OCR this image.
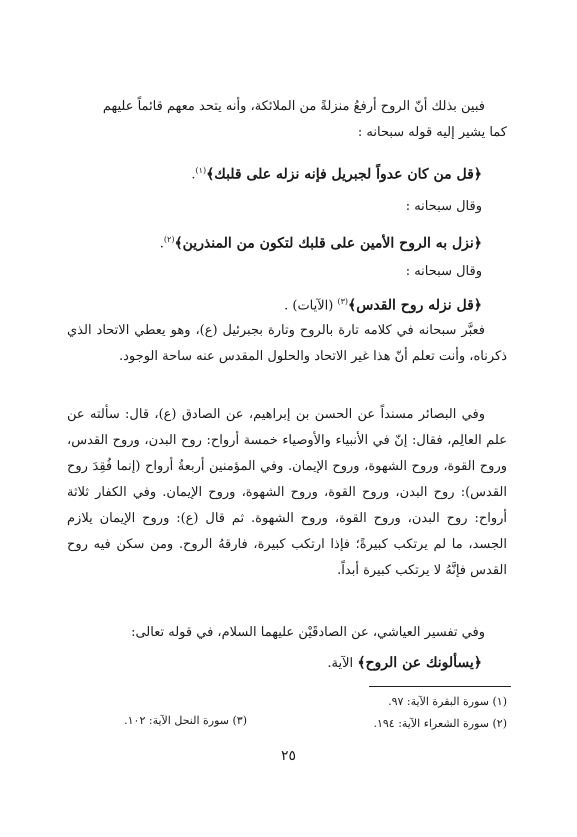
فبين بذلك أنّ الروح أرفعُ منزلةً من الملائكة، وأنه يتحد معهم قائماً عليهم
كما يشير إليه قوله سبحانه :
﴿قل من كان عدواً لجبريل فإنه نزله على قلبك﴾$^{(١)}$.
وقال سبحانه :
﴿نزل به الروح الأمين على قلبك لتكون من المنذرين﴾$^{(٢)}$.
وقال سبحانه :
﴿قل نزله روح القدس﴾$^{(٣)}$ (الآيات) .
فعبَّر سبحانه في كلامه تارة بالروح وتارة بجبرئيل (ع)، وهو يعطي الاتحاد الذي ذكرناه، وأنت تعلم أنّ هذا غير الاتحاد والحلول المقدس عنه ساحة الوجود.
وفي البصائر مسنداً عن الحسن بن إبراهيم، عن الصادق (ع)، قال: سألته عن علم العالِم، فقال: إنّ في الأنبياء والأوصياء خمسة أرواح: روح البدن، وروح القدس، وروح القوة، وروح الشهوة، وروح الإيمان. وفي المؤمنين أربعةُ أرواح (إنما فُقِدَ روح القدس): روح البدن، وروح القوة، وروح الشهوة، وروح الإيمان. وفي الكفار ثلاثة أرواح: روح البدن، وروح القوة، وروح الشهوة. ثم قال (ع): وروح الإيمان يلازم الجسد، ما لم يرتكب كبيرةً؛ فإذا ارتكب كبيرة، فارقهُ الروح. ومن سكن فيه روح القدس فإنَّهُ لا يرتكب كبيرة أبداً.
وفي تفسير العياشي، عن الصادقَيْن عليهما السلام، في قوله تعالى:
﴿يسألونك عن الروح﴾ الآية.
(١) سورة البقرة الآية: ٩٧.
(٢) سورة الشعراء الآية: ١٩٤.
(٣) سورة النحل الآية: ١٠٢.
٢٥
